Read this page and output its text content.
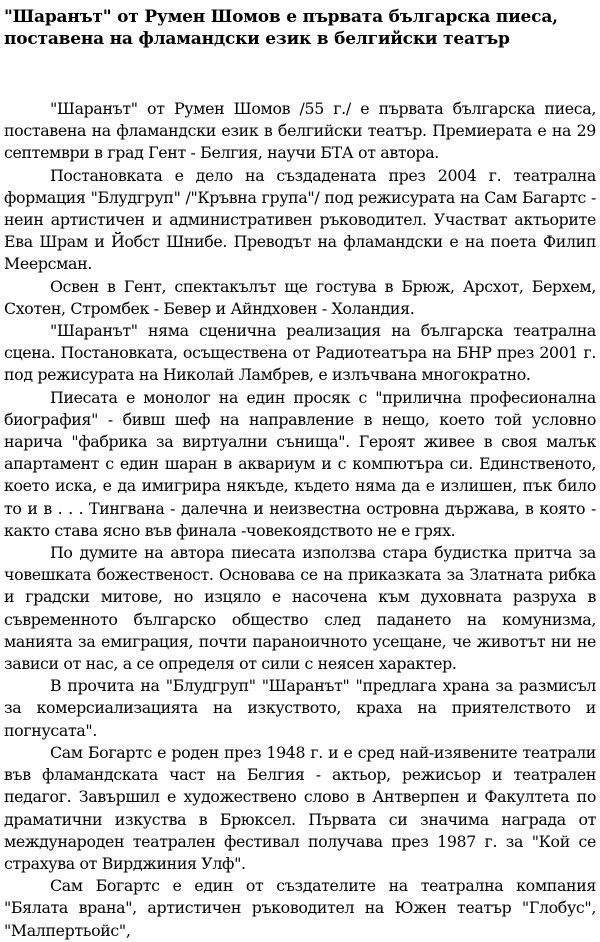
"Шаранът" от Румен Шомов е първата българска пиеса, поставена на фламандски език в белгийски театър

"Шаранът" от Румен Шомов /55 г./ е първата българска пиеса, поставена на фламандски език в белгийски театър. Премиерата е на 29 септември в град Гент - Белгия, научи БТА от автора.

Постановката е дело на създадената през 2004 г. театрална формация "Блудгруп" /"Кръвна група"/ под режисурата на Сам Багартс - неин артистичен и административен ръководител. Участват актьорите Ева Шрам и Йобст Шнибе. Преводът на фламандски е на поета Филип Меерсман.

Освен в Гент, спектакълът ще гостува в Брюж, Арсхот, Берхем, Схотен, Стромбек - Бевер и Айндховен - Холандия.

"Шаранът" няма сценична реализация на българска театрална сцена. Постановката, осъществена от Радиотеатъра на БНР през 2001 г. под режисурата на Николай Ламбрев, е излъчвана многократно.

Пиесата е монолог на един просяк с "прилична професионална биография" - бивш шеф на направление в нещо, което той условно нарича "фабрика за виртуални сънища". Героят живее в своя малък апартамент с един шаран в аквариум и с компютъра си. Единственото, което иска, е да имигрира някъде, където няма да е излишен, пък било то и в . . . Тингвана - далечна и неизвестна островна държава, в която - както става ясно във финала -човекоядството не е грях.

По думите на автора пиесата използва стара будистка притча за човешката божественост. Основава се на приказката за Златната рибка и градски митове, но изцяло е насочена към духовната разруха в съвременното българско общество след падането на комунизма, манията за емиграция, почти параноичното усещане, че животът ни не зависи от нас, а се определя от сили с неясен характер.

В прочита на "Блудгруп" "Шаранът" "предлага храна за размисъл за комерсиализацията на изкуството, краха на приятелството и погнусата".

Сам Богартс е роден през 1948 г. и е сред най-изявените театрали във фламандската част на Белгия - актьор, режисьор и театрален педагог. Завършил е художествено слово в Антверпен и Факултета по драматични изкуства в Брюксел. Първата си значима награда от международен театрален фестивал получава през 1987 г. за "Кой се страхува от Вирджиния Улф".

Сам Богартс е един от създателите на театрална компания "Бялата врана", артистичен ръководител на Южен театър "Глобус", "Малпертьойс",
